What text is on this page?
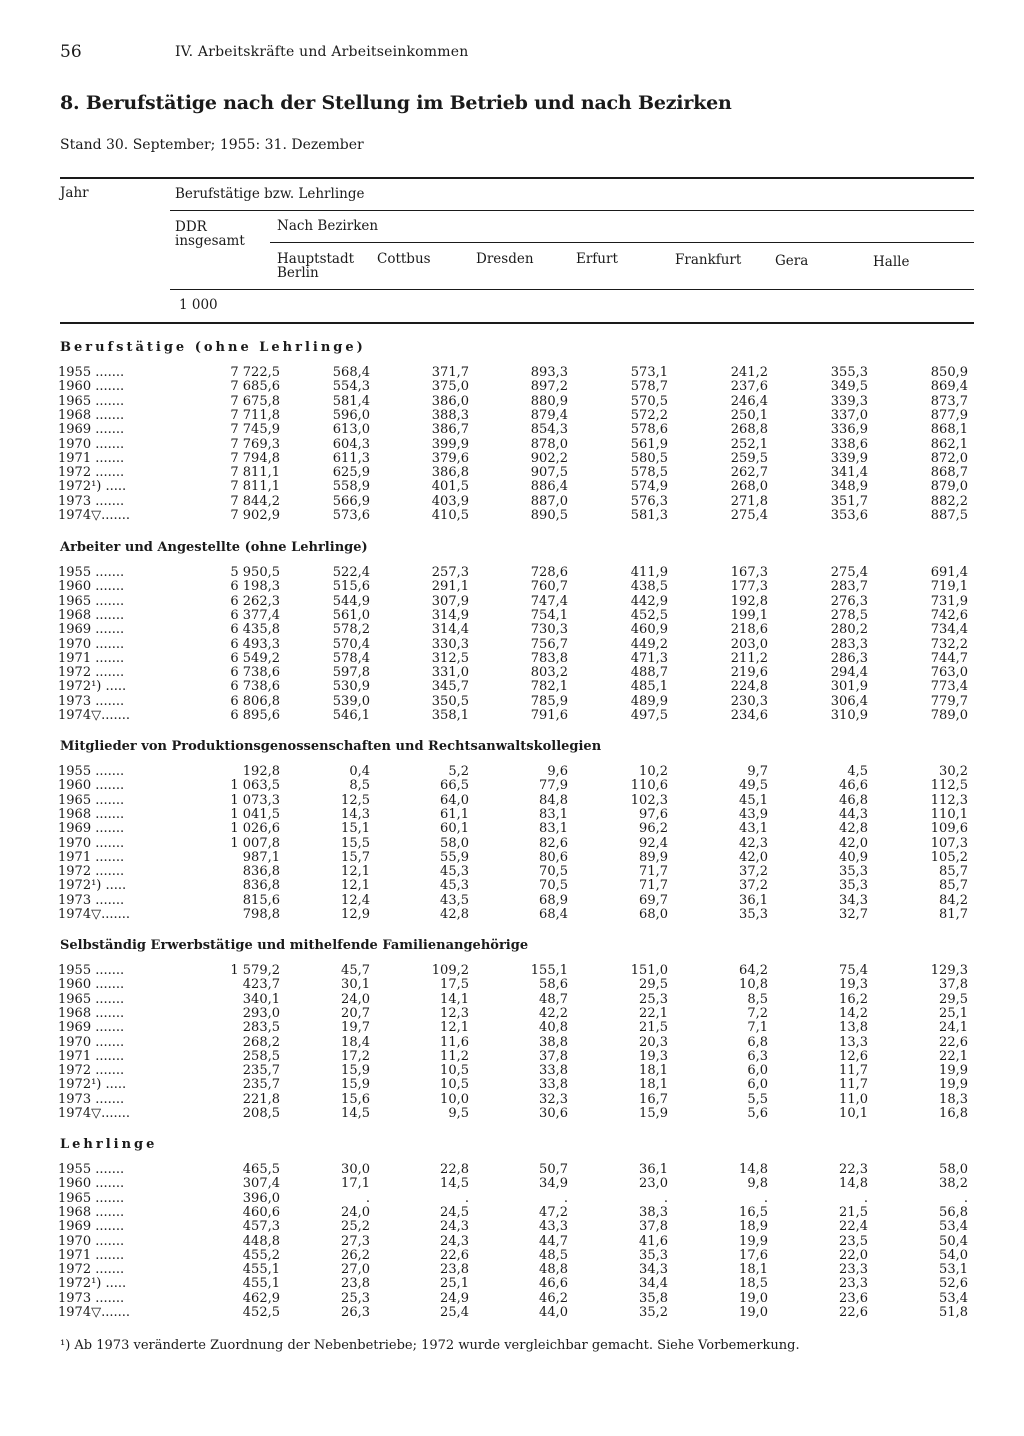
56	IV. Arbeitskräfte und Arbeitseinkommen
8. Berufstätige nach der Stellung im Betrieb und nach Bezirken
Stand 30. September; 1955: 31. Dezember
Jahr	Berufstätige bzw. Lehrlinge
DDR
insgesamt
Nach Bezirken
Hauptstadt
Berlin
Cottbus	Dresden	Erfurt	Frankfurt Gera	Halle
1 000
Berufstätige (ohne Lehrlinge)
1955 .......	7 722,5	568,4	371,7	893,3	573,1	241,2	355,3	850,9
1960 .......	7 685,6	554,3	375,0	897,2	578,7	237,6	349,5	869,4
1965 .......	7 675,8	581,4	386,0	880,9	570,5	246,4	339,3	873,7
1968 .......	7 711,8	596,0	388,3	879,4	572,2	250,1	337,0	877,9
1969 .......	7 745,9	613,0	386,7	854,3	578,6	268,8	336,9	868,1
1970 .......	7 769,3	604,3	399,9	878,0	561,9	252,1	338,6	862,1
1971 .......	7 794,8	611,3	379,6	902,2	580,5	259,5	339,9	872,0
1972 .......	7 811,1	625,9	386,8	907,5	578,5	262,7	341,4	868,7
1972¹) .....	7 811,1	558,9	401,5	886,4	574,9	268,0	348,9	879,0
1973 .......	7 844,2	566,9	403,9	887,0	576,3	271,8	351,7	882,2
1974▽.......	7 902,9	573,6	410,5	890,5	581,3	275,4	353,6	887,5
Arbeiter und Angestellte (ohne Lehrlinge)
1955 .......	5 950,5	522,4	257,3	728,6	411,9	167,3	275,4	691,4
1960 .......	6 198,3	515,6	291,1	760,7	438,5	177,3	283,7	719,1
1965 .......	6 262,3	544,9	307,9	747,4	442,9	192,8	276,3	731,9
1968 .......	6 377,4	561,0	314,9	754,1	452,5	199,1	278,5	742,6
1969 .......	6 435,8	578,2	314,4	730,3	460,9	218,6	280,2	734,4
1970 .......	6 493,3	570,4	330,3	756,7	449,2	203,0	283,3	732,2
1971 .......	6 549,2	578,4	312,5	783,8	471,3	211,2	286,3	744,7
1972 .......	6 738,6	597,8	331,0	803,2	488,7	219,6	294,4	763,0
1972¹) .....	6 738,6	530,9	345,7	782,1	485,1	224,8	301,9	773,4
1973 .......	6 806,8	539,0	350,5	785,9	489,9	230,3	306,4	779,7
1974▽.......	6 895,6	546,1	358,1	791,6	497,5	234,6	310,9	789,0
Mitglieder von Produktionsgenossenschaften und Rechtsanwaltskollegien
1955 .......	192,8	0,4	5,2	9,6	10,2	9,7	4,5	30,2
1960 .......	1 063,5	8,5	66,5	77,9	110,6	49,5	46,6	112,5
1965 .......	1 073,3	12,5	64,0	84,8	102,3	45,1	46,8	112,3
1968 .......	1 041,5	14,3	61,1	83,1	97,6	43,9	44,3	110,1
1969 .......	1 026,6	15,1	60,1	83,1	96,2	43,1	42,8	109,6
1970 .......	1 007,8	15,5	58,0	82,6	92,4	42,3	42,0	107,3
1971 .......	987,1	15,7	55,9	80,6	89,9	42,0	40,9	105,2
1972 .......	836,8	12,1	45,3	70,5	71,7	37,2	35,3	85,7
1972¹) .....	836,8	12,1	45,3	70,5	71,7	37,2	35,3	85,7
1973 .......	815,6	12,4	43,5	68,9	69,7	36,1	34,3	84,2
1974▽.......	798,8	12,9	42,8	68,4	68,0	35,3	32,7	81,7
Selbständig Erwerbstätige und mithelfende Familienangehörige
1955 .......	1 579,2	45,7	109,2	155,1	151,0	64,2	75,4	129,3
1960 .......	423,7	30,1	17,5	58,6	29,5	10,8	19,3	37,8
1965 .......	340,1	24,0	14,1	48,7	25,3	8,5	16,2	29,5
1968 .......	293,0	20,7	12,3	42,2	22,1	7,2	14,2	25,1
1969 .......	283,5	19,7	12,1	40,8	21,5	7,1	13,8	24,1
1970 .......	268,2	18,4	11,6	38,8	20,3	6,8	13,3	22,6
1971 .......	258,5	17,2	11,2	37,8	19,3	6,3	12,6	22,1
1972 .......	235,7	15,9	10,5	33,8	18,1	6,0	11,7	19,9
1972¹) .....	235,7	15,9	10,5	33,8	18,1	6,0	11,7	19,9
1973 .......	221,8	15,6	10,0	32,3	16,7	5,5	11,0	18,3
1974▽.......	208,5	14,5	9,5	30,6	15,9	5,6	10,1	16,8
Lehrlinge
1955 .......	465,5	30,0	22,8	50,7	36,1	14,8	22,3	58,0
1960 .......	307,4	17,1	14,5	34,9	23,0	9,8	14,8	38,2
1965 .......	396,0	.	.	.	.	.	.	.
1968 .......	460,6	24,0	24,5	47,2	38,3	16,5	21,5	56,8
1969 .......	457,3	25,2	24,3	43,3	37,8	18,9	22,4	53,4
1970 .......	448,8	27,3	24,3	44,7	41,6	19,9	23,5	50,4
1971 .......	455,2	26,2	22,6	48,5	35,3	17,6	22,0	54,0
1972 .......	455,1	27,0	23,8	48,8	34,3	18,1	23,3	53,1
1972¹) .....	455,1	23,8	25,1	46,6	34,4	18,5	23,3	52,6
1973 .......	462,9	25,3	24,9	46,2	35,8	19,0	23,6	53,4
1974▽.......	452,5	26,3	25,4	44,0	35,2	19,0	22,6	51,8
¹) Ab 1973 veränderte Zuordnung der Nebenbetriebe; 1972 wurde vergleichbar gemacht. Siehe Vorbemerkung.
